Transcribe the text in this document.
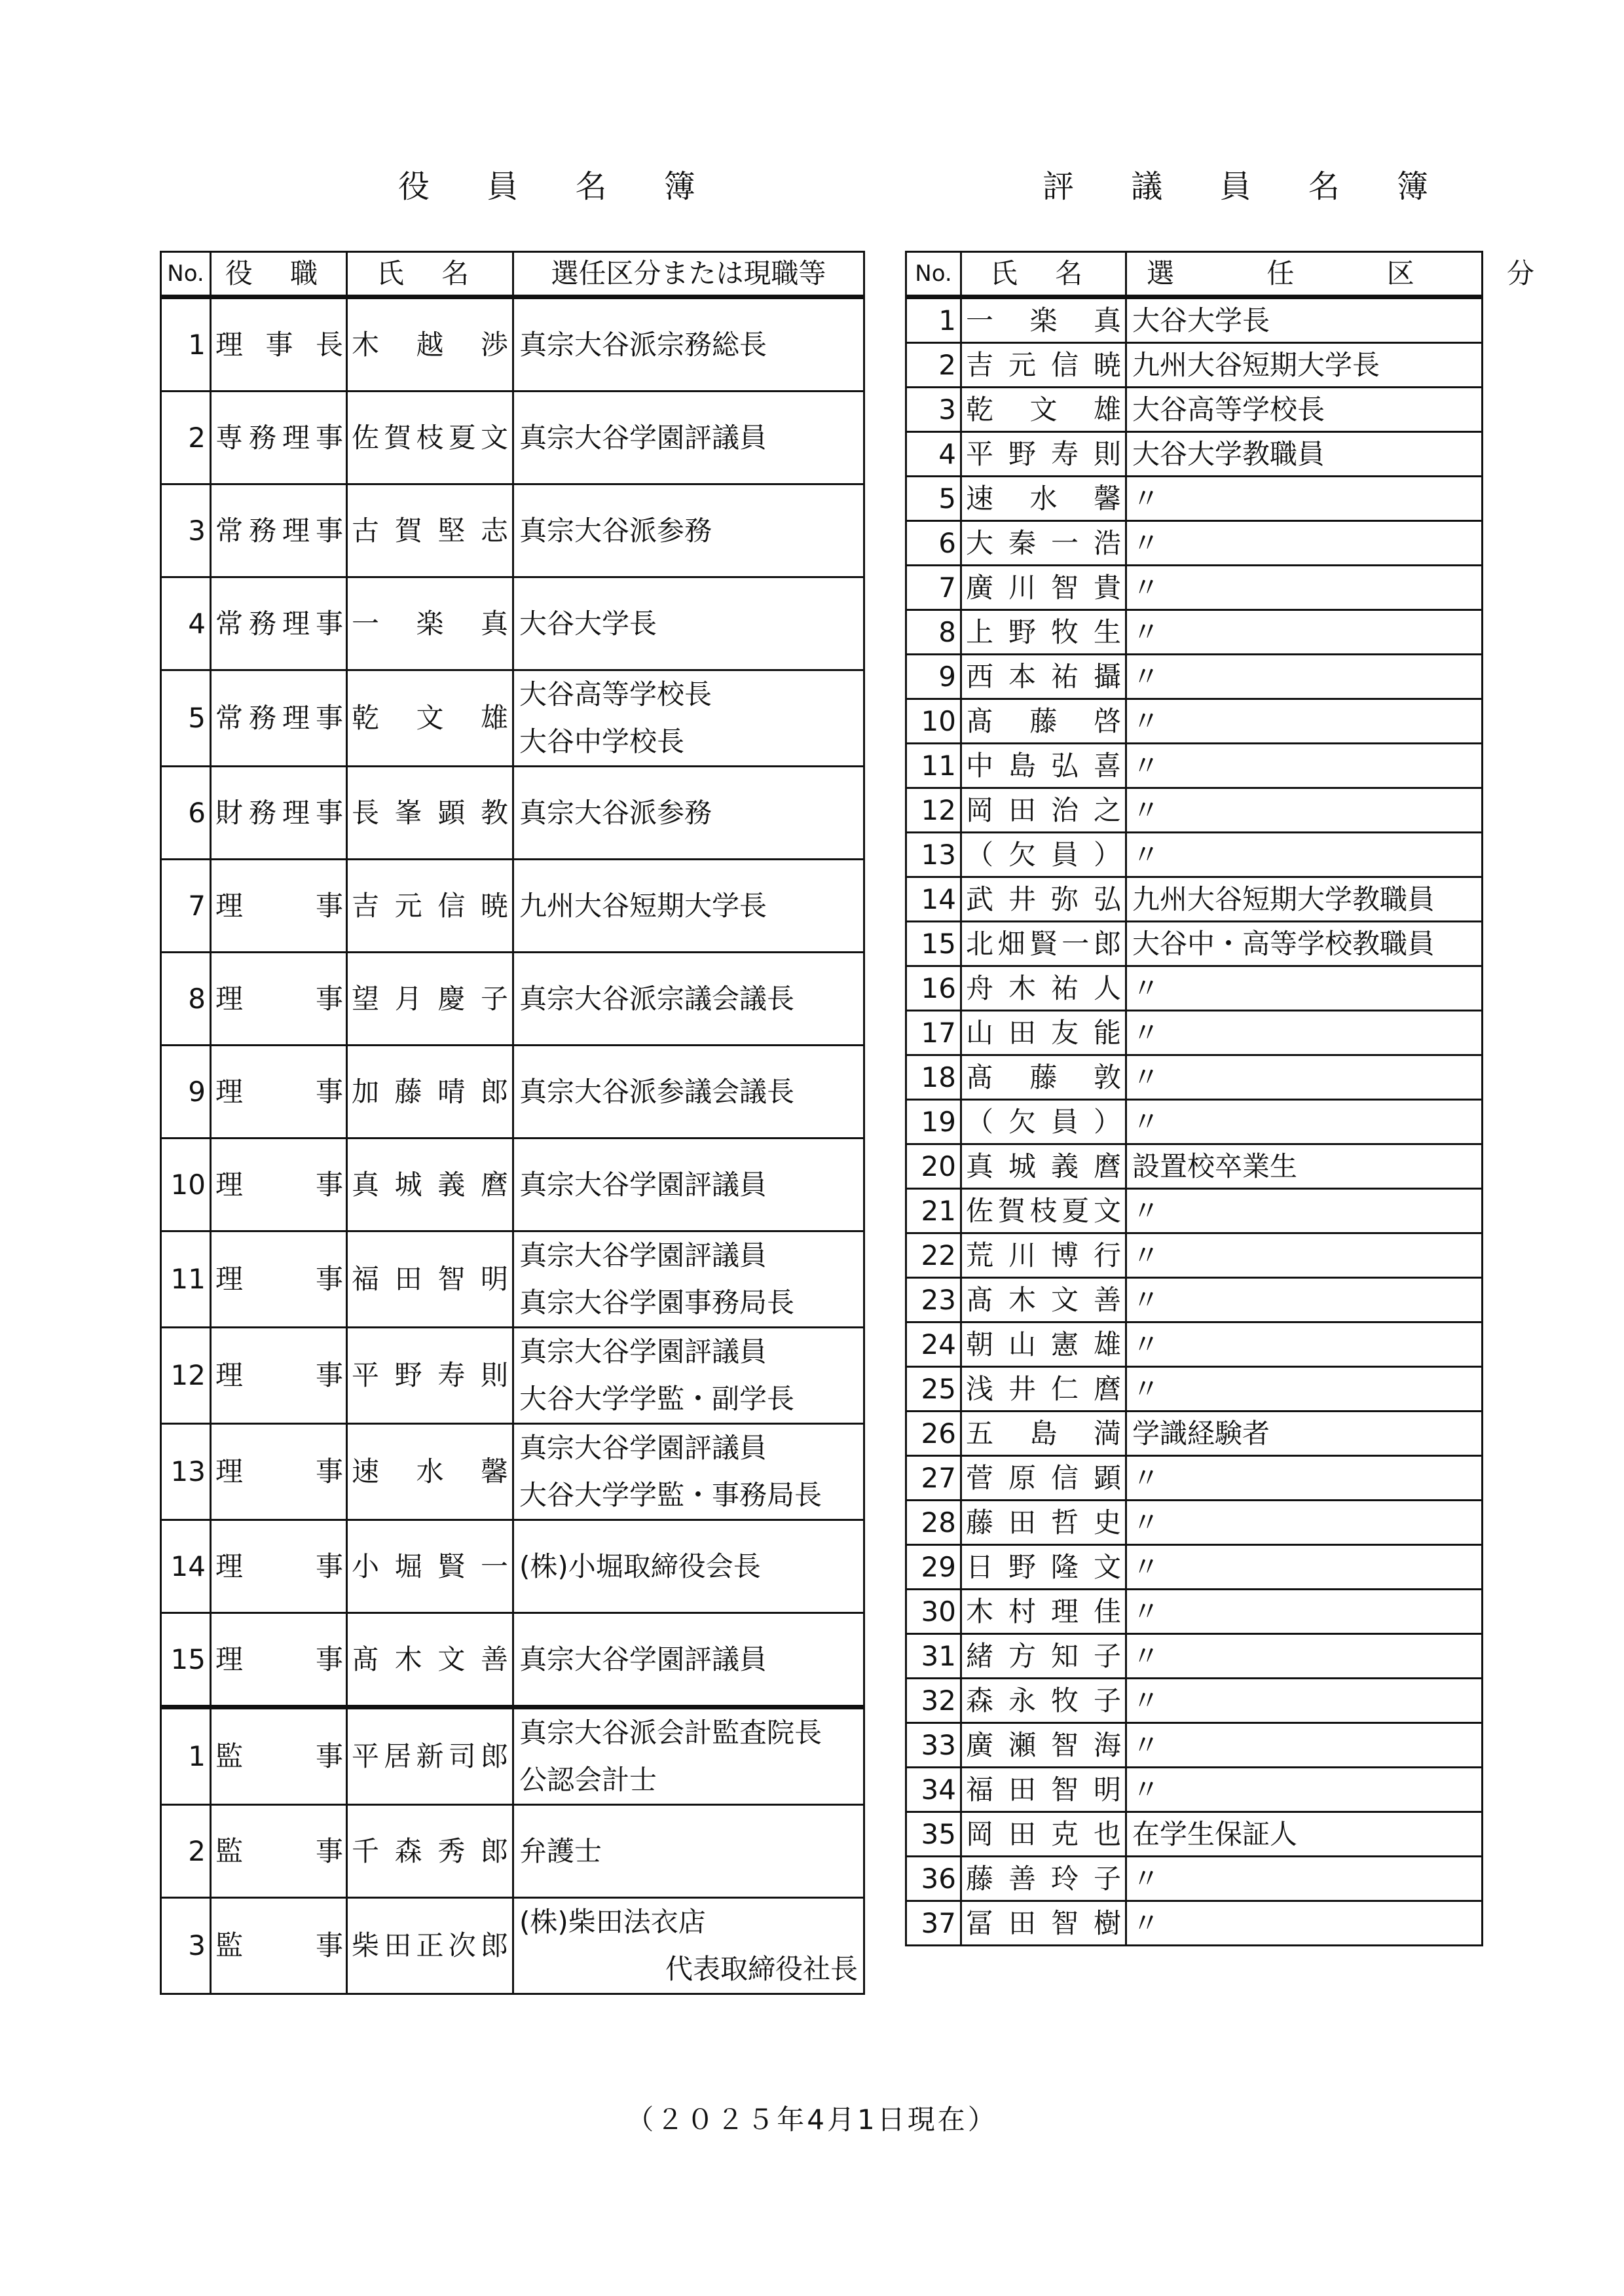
役 員 名 簿	評 議 員 名 簿
No.	役 職	氏 名	選任区分または現職等
1	理 事 長	木 越 渉	真宗大谷派宗務総長

2	専 務 理 事	佐 賀 枝 夏 文	真宗大谷学園評議員

3	常 務 理 事	古 賀 堅 志	真宗大谷派参務

4	常 務 理 事	一 楽 真	大谷大学長

5	常 務 理 事	乾 文 雄	大谷高等学校長
大谷中学校長

6	財 務 理 事	長 峯 顕 教	真宗大谷派参務

7	理 事	吉 元 信 暁	九州大谷短期大学長

8	理 事	望 月 慶 子	真宗大谷派宗議会議長

9	理 事	加 藤 晴 郎	真宗大谷派参議会議長

10	理 事	真 城 義 麿	真宗大谷学園評議員

11	理 事	福 田 智 明	真宗大谷学園評議員
真宗大谷学園事務局長

12	理 事	平 野 寿 則	真宗大谷学園評議員
大谷大学学監・副学長

13	理 事	速 水 馨	真宗大谷学園評議員
大谷大学学監・事務局長

14	理 事	小 堀 賢 一	(株)小堀取締役会長

15	理 事	髙 木 文 善	真宗大谷学園評議員

1	監 事	平 居 新 司 郎	真宗大谷派会計監査院長
公認会計士

2	監 事	千 森 秀 郎	弁護士

3	監 事	柴 田 正 次 郎	(株)柴田法衣店
代表取締役社長
No.	氏 名	選 任 区 分
1	一 楽 真	大谷大学長
2	吉 元 信 暁	九州大谷短期大学長
3	乾 文 雄	大谷高等学校長
4	平 野 寿 則	大谷大学教職員
5	速 水 馨	〃
6	大 秦 一 浩	〃
7	廣 川 智 貴	〃
8	上 野 牧 生	〃
9	西 本 祐 攝	〃
10	髙 藤 啓	〃
11	中 島 弘 喜	〃
12	岡 田 治 之	〃
13	（ 欠 員 ）	〃
14	武 井 弥 弘	九州大谷短期大学教職員
15	北 畑 賢 一 郎	大谷中・高等学校教職員
16	舟 木 祐 人	〃
17	山 田 友 能	〃
18	髙 藤 敦	〃
19	（ 欠 員 ）	〃
20	真 城 義 麿	設置校卒業生
21	佐 賀 枝 夏 文	〃
22	荒 川 博 行	〃
23	髙 木 文 善	〃
24	朝 山 憲 雄	〃
25	浅 井 仁 麿	〃
26	五 島 満	学識経験者
27	菅 原 信 顕	〃
28	藤 田 哲 史	〃
29	日 野 隆 文	〃
30	木 村 理 佳	〃
31	緒 方 知 子	〃
32	森 永 牧 子	〃
33	廣 瀬 智 海	〃
34	福 田 智 明	〃
35	岡 田 克 也	在学生保証人
36	藤 善 玲 子	〃
37	冨 田 智 樹	〃
（２０２５年4月1日現在）
